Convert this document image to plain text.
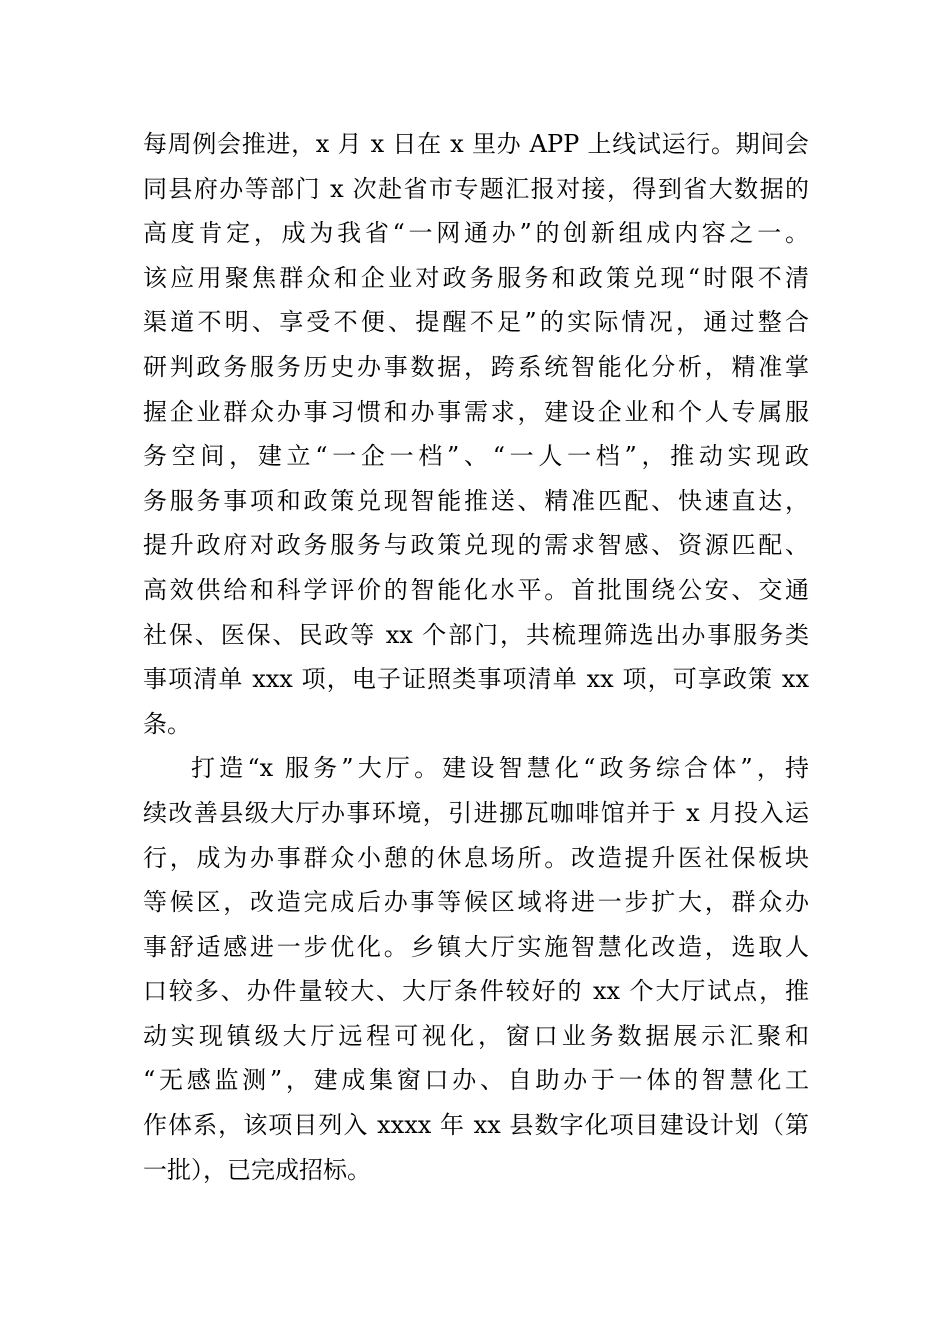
每周例会推进，x 月 x 日在 x 里办 APP 上线试运行。期间会
同县府办等部门 x 次赴省市专题汇报对接，得到省大数据的
高度肯定，成为我省“一网通办”的创新组成内容之一。
该应用聚焦群众和企业对政务服务和政策兑现“时限不清
渠道不明、享受不便、提醒不足”的实际情况，通过整合
研判政务服务历史办事数据，跨系统智能化分析，精准掌
握企业群众办事习惯和办事需求，建设企业和个人专属服
务空间，建立“一企一档”、“一人一档”，推动实现政
务服务事项和政策兑现智能推送、精准匹配、快速直达，
提升政府对政务服务与政策兑现的需求智感、资源匹配、
高效供给和科学评价的智能化水平。首批围绕公安、交通
社保、医保、民政等 xx 个部门，共梳理筛选出办事服务类
事项清单 xxx 项，电子证照类事项清单 xx 项，可享政策 xx
条。
打造“x 服务”大厅。建设智慧化“政务综合体”，持
续改善县级大厅办事环境，引进挪瓦咖啡馆并于 x 月投入运
行，成为办事群众小憩的休息场所。改造提升医社保板块
等候区，改造完成后办事等候区域将进一步扩大，群众办
事舒适感进一步优化。乡镇大厅实施智慧化改造，选取人
口较多、办件量较大、大厅条件较好的 xx 个大厅试点，推
动实现镇级大厅远程可视化，窗口业务数据展示汇聚和
“无感监测”，建成集窗口办、自助办于一体的智慧化工
作体系，该项目列入 xxxx 年 xx 县数字化项目建设计划（第
一批），已完成招标。
